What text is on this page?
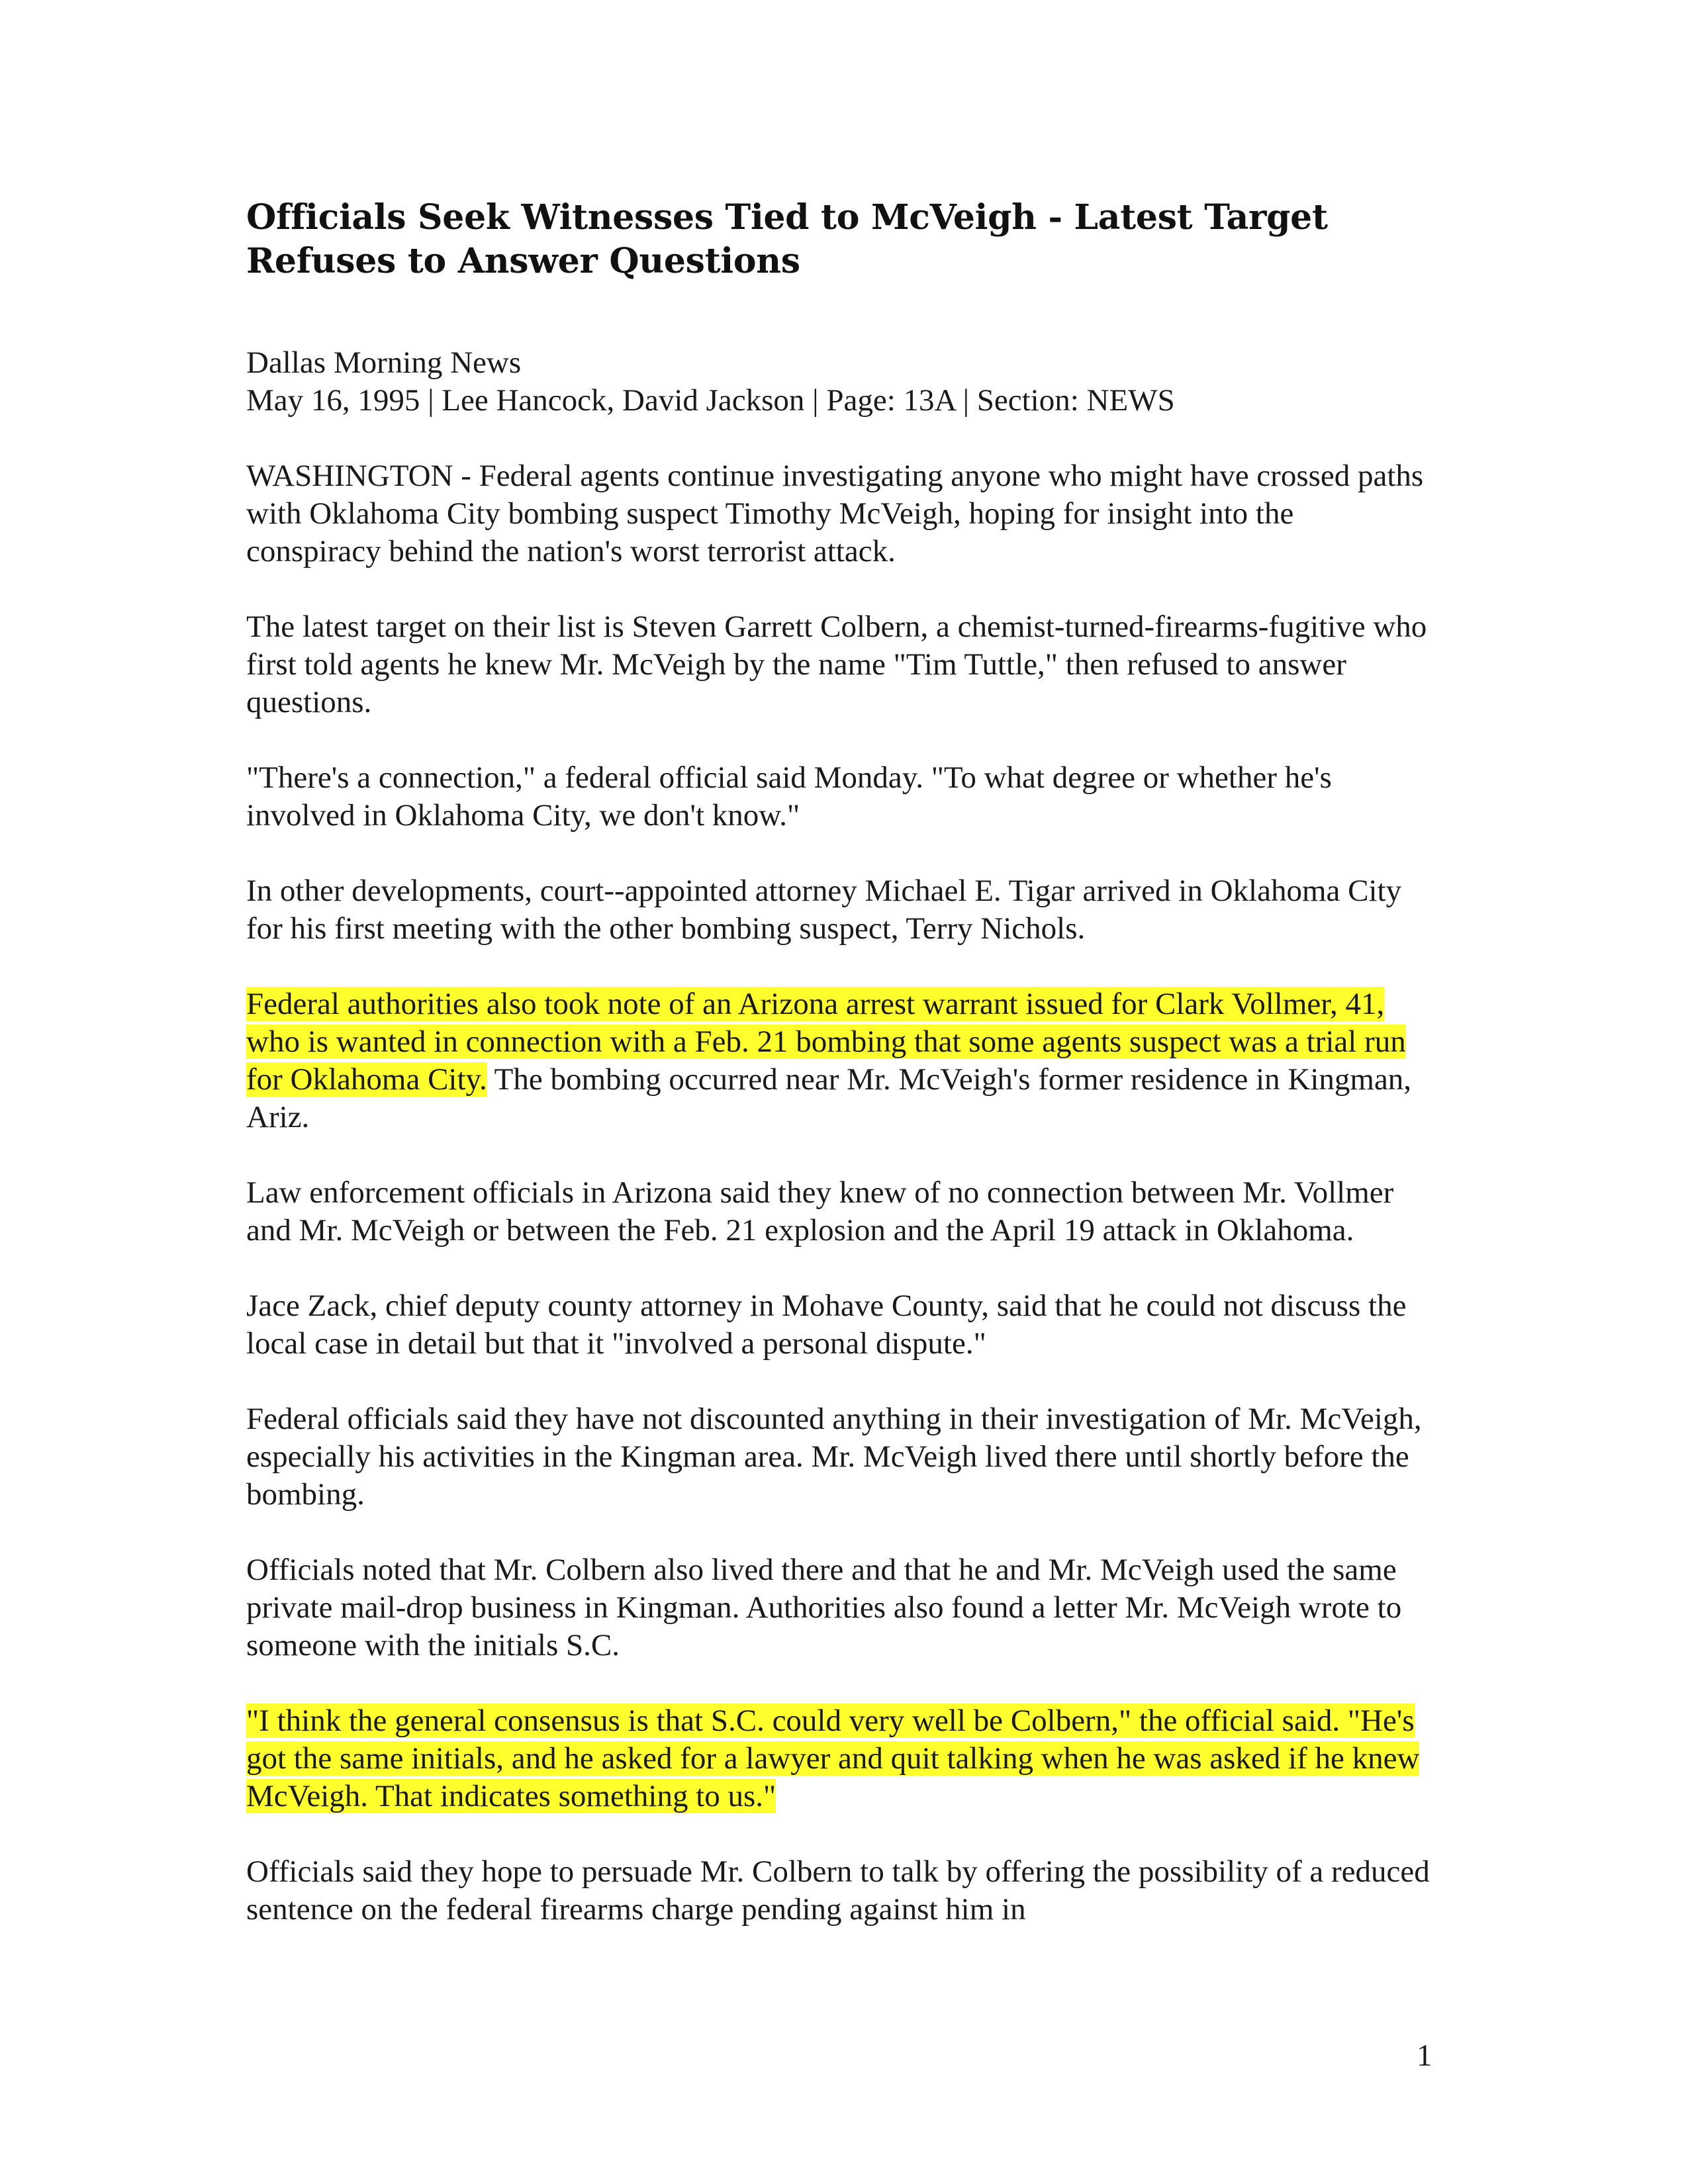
Officials Seek Witnesses Tied to McVeigh - Latest Target Refuses to Answer Questions
Dallas Morning News
May 16, 1995 | Lee Hancock, David Jackson | Page: 13A | Section: NEWS

WASHINGTON - Federal agents continue investigating anyone who might have crossed paths with Oklahoma City bombing suspect Timothy McVeigh, hoping for insight into the conspiracy behind the nation's worst terrorist attack.

The latest target on their list is Steven Garrett Colbern, a chemist-turned-firearms-fugitive who first told agents he knew Mr. McVeigh by the name "Tim Tuttle," then refused to answer questions.

"There's a connection," a federal official said Monday. "To what degree or whether he's involved in Oklahoma City, we don't know."

In other developments, court--appointed attorney Michael E. Tigar arrived in Oklahoma City for his first meeting with the other bombing suspect, Terry Nichols.

Federal authorities also took note of an Arizona arrest warrant issued for Clark Vollmer, 41, who is wanted in connection with a Feb. 21 bombing that some agents suspect was a trial run for Oklahoma City. The bombing occurred near Mr. McVeigh's former residence in Kingman, Ariz.

Law enforcement officials in Arizona said they knew of no connection between Mr. Vollmer and Mr. McVeigh or between the Feb. 21 explosion and the April 19 attack in Oklahoma.

Jace Zack, chief deputy county attorney in Mohave County, said that he could not discuss the local case in detail but that it "involved a personal dispute."

Federal officials said they have not discounted anything in their investigation of Mr. McVeigh, especially his activities in the Kingman area. Mr. McVeigh lived there until shortly before the bombing.

Officials noted that Mr. Colbern also lived there and that he and Mr. McVeigh used the same private mail-drop business in Kingman. Authorities also found a letter Mr. McVeigh wrote to someone with the initials S.C.

"I think the general consensus is that S.C. could very well be Colbern," the official said. "He's got the same initials, and he asked for a lawyer and quit talking when he was asked if he knew McVeigh. That indicates something to us."

Officials said they hope to persuade Mr. Colbern to talk by offering the possibility of a reduced sentence on the federal firearms charge pending against him in

1
